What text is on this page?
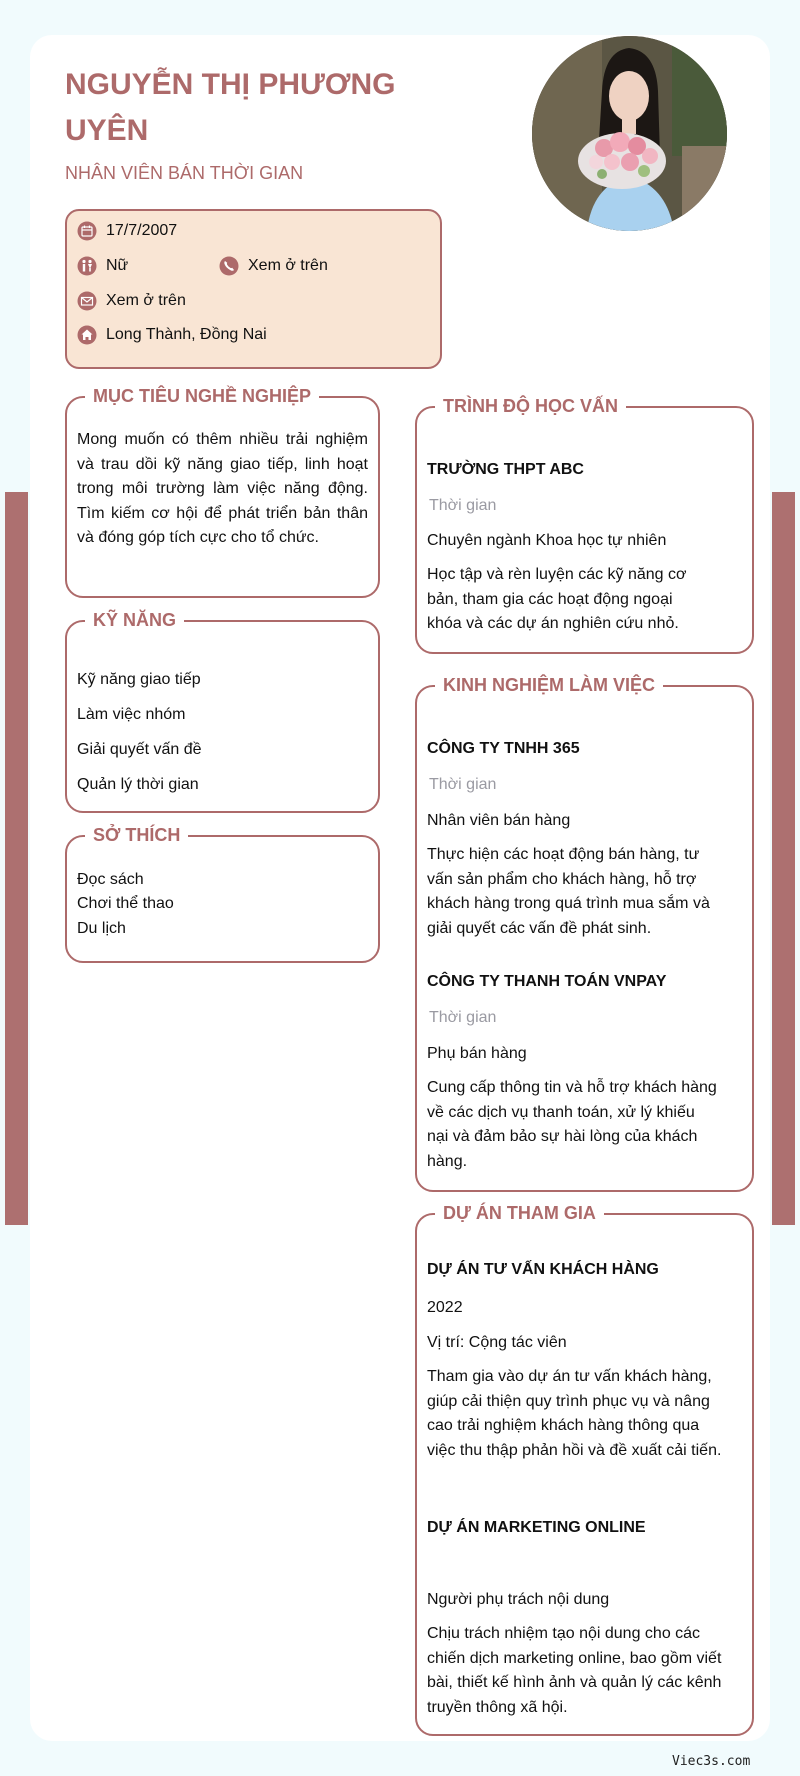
NGUYỄN THỊ PHƯƠNG UYÊN
NHÂN VIÊN BÁN THỜI GIAN
17/7/2007
Nữ	Xem ở trên
Xem ở trên
Long Thành, Đồng Nai
MỤC TIÊU NGHỀ NGHIỆP
Mong muốn có thêm nhiều trải nghiệm và trau dồi kỹ năng giao tiếp, linh hoạt trong môi trường làm việc năng động. Tìm kiếm cơ hội để phát triển bản thân và đóng góp tích cực cho tổ chức.
KỸ NĂNG
Kỹ năng giao tiếp
Làm việc nhóm
Giải quyết vấn đề
Quản lý thời gian
SỞ THÍCH
Đọc sách
Chơi thể thao
Du lịch
TRÌNH ĐỘ HỌC VẤN
TRƯỜNG THPT ABC
Thời gian
Chuyên ngành Khoa học tự nhiên
Học tập và rèn luyện các kỹ năng cơ bản, tham gia các hoạt động ngoại khóa và các dự án nghiên cứu nhỏ.
KINH NGHIỆM LÀM VIỆC
CÔNG TY TNHH 365
Thời gian
Nhân viên bán hàng
Thực hiện các hoạt động bán hàng, tư vấn sản phẩm cho khách hàng, hỗ trợ khách hàng trong quá trình mua sắm và giải quyết các vấn đề phát sinh.
CÔNG TY THANH TOÁN VNPAY
Thời gian
Phụ bán hàng
Cung cấp thông tin và hỗ trợ khách hàng về các dịch vụ thanh toán, xử lý khiếu nại và đảm bảo sự hài lòng của khách hàng.
DỰ ÁN THAM GIA
DỰ ÁN TƯ VẤN KHÁCH HÀNG
2022
Vị trí: Cộng tác viên
Tham gia vào dự án tư vấn khách hàng, giúp cải thiện quy trình phục vụ và nâng cao trải nghiệm khách hàng thông qua việc thu thập phản hồi và đề xuất cải tiến.
DỰ ÁN MARKETING ONLINE
Người phụ trách nội dung
Chịu trách nhiệm tạo nội dung cho các chiến dịch marketing online, bao gồm viết bài, thiết kế hình ảnh và quản lý các kênh truyền thông xã hội.
Viec3s.com
